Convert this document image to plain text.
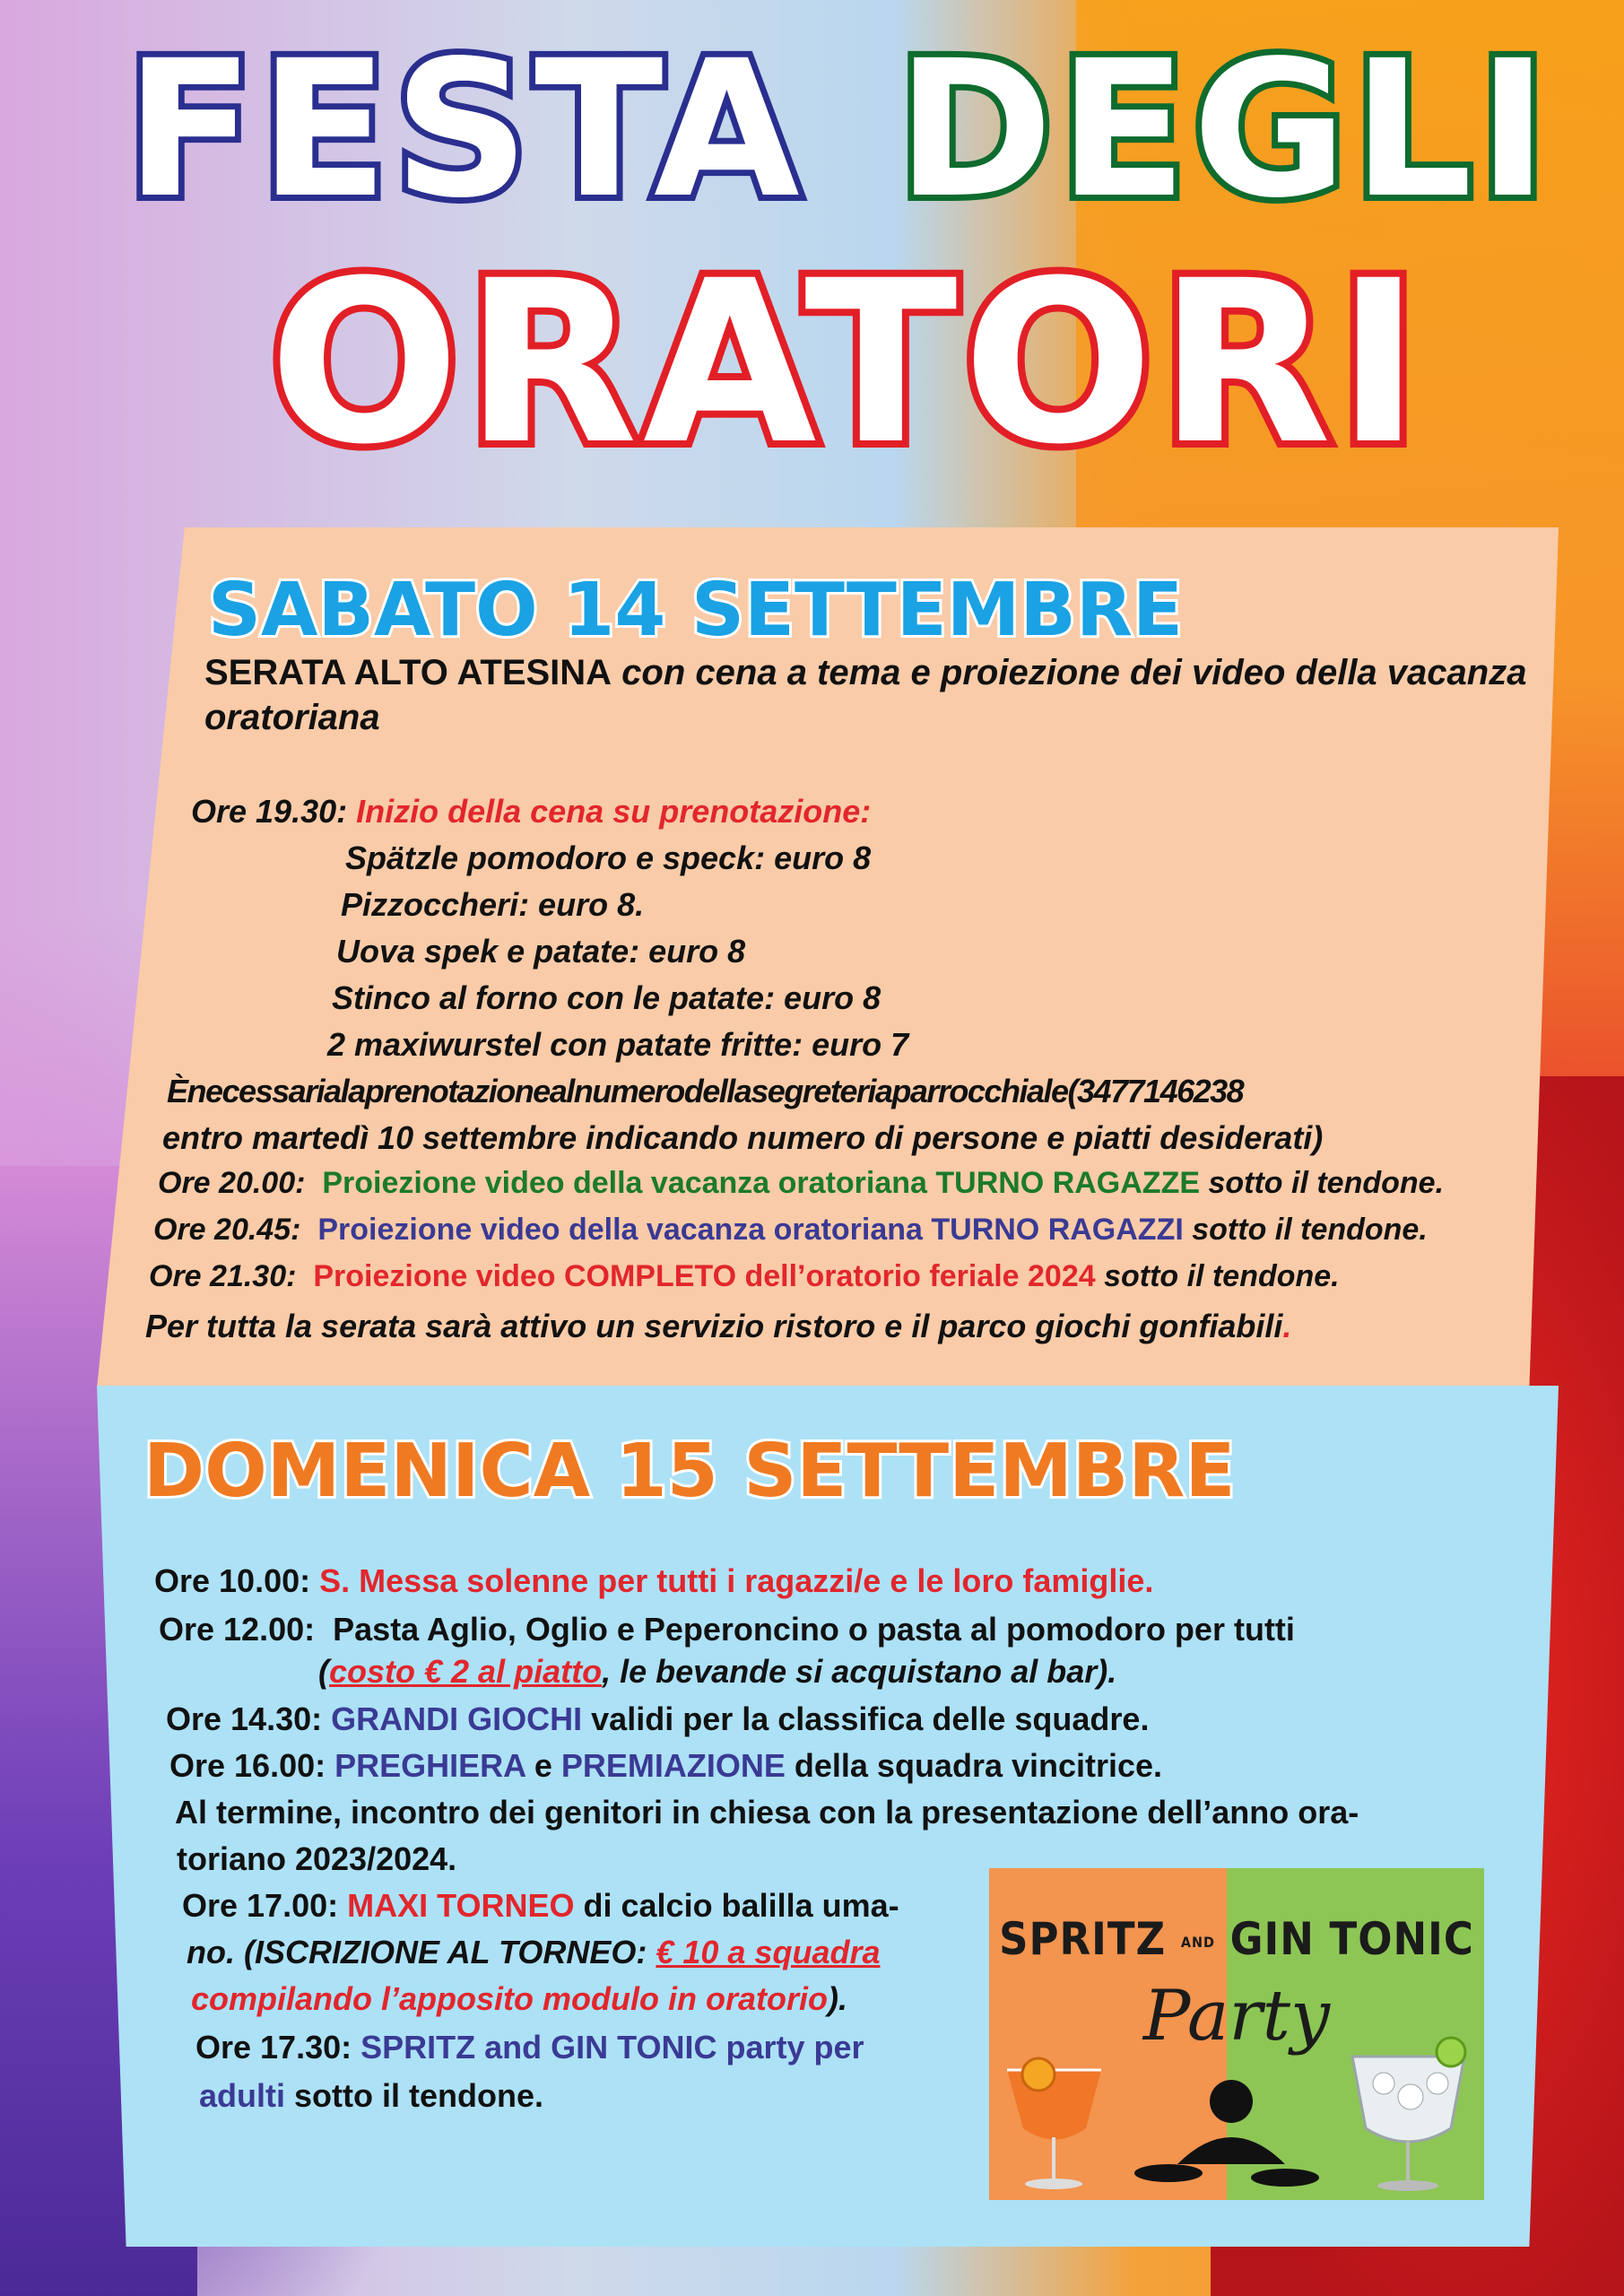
FESTA DEGLI
ORATORI
SABATO 14 SETTEMBRE
SERATA ALTO ATESINA con cena a tema e proiezione dei video della vacanza oratoriana
Ore 19.30: Inizio della cena su prenotazione:
Spätzle pomodoro e speck: euro 8
Pizzoccheri: euro 8.
Uova spek e patate: euro 8
Stinco al forno con le patate: euro 8
2 maxiwurstel con patate fritte: euro 7
Ènecessarialaprenotazionealnumerodellasegreteriaparrocchiale(3477146238
entro martedì 10 settembre indicando numero di persone e piatti desiderati)
Ore 20.00: Proiezione video della vacanza oratoriana TURNO RAGAZZE sotto il tendone.
Ore 20.45: Proiezione video della vacanza oratoriana TURNO RAGAZZI sotto il tendone.
Ore 21.30: Proiezione video COMPLETO dell’oratorio feriale 2024 sotto il tendone.
Per tutta la serata sarà attivo un servizio ristoro e il parco giochi gonfiabili.
DOMENICA 15 SETTEMBRE
Ore 10.00: S. Messa solenne per tutti i ragazzi/e e le loro famiglie.
Ore 12.00: Pasta Aglio, Oglio e Peperoncino o pasta al pomodoro per tutti
(costo € 2 al piatto, le bevande si acquistano al bar).
Ore 14.30: GRANDI GIOCHI validi per la classifica delle squadre.
Ore 16.00: PREGHIERA e PREMIAZIONE della squadra vincitrice.
Al termine, incontro dei genitori in chiesa con la presentazione dell’anno ora-
toriano 2023/2024.
Ore 17.00: MAXI TORNEO di calcio balilla uma-
no. (ISCRIZIONE AL TORNEO: € 10 a squadra
compilando l’apposito modulo in oratorio).
Ore 17.30: SPRITZ and GIN TONIC party per
adulti sotto il tendone.
SPRITZ AND GIN TONIC
Party
